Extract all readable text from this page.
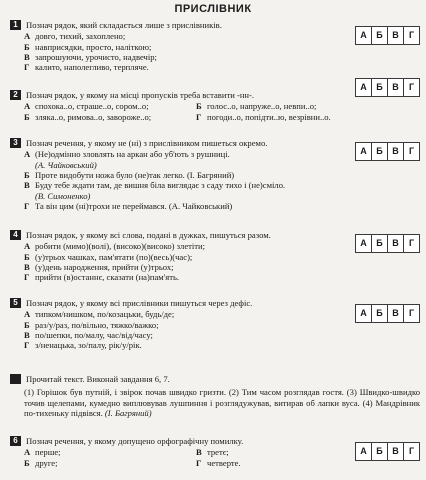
ПРИСЛІВНИК
1 Познач рядок, який складається лише з прислівників.
А довго, тихий, захоплено;
Б навприсядки, просто, наліткою;
В запрошуючи, урочисто, надвечір;
Г калито, наполегливо, терпляче.
А	Б	В	Г
2 Познач рядок, у якому на місці пропусків треба вставити -нн-.
А спохока..о, страше..о, сором..о;
Б зляка..о, римова..о, завороже..о;
Б голос..о, напруже..о, невпи..о;
Г погоди..о, попідти..ю, везрівни..о.
А	Б	В	Г
3 Познач речення, у якому не (ні) з прислівником пишеться окремо.
А (Не)одмінно зловлять на аркан або уб'ють з рушниці.
(А. Чайковський)
Б Проте видобути ножа було (не)так легко. (І. Багряний)
В Буду тебе ждати там, де вишня біла виглядає з саду тихо і (не)сміло.
(В. Симоненко)
Г Та він цим (ні)трохи не переймався. (А. Чайковський)
А	Б	В	Г
4 Познач рядок, у якому всі слова, подані в дужках, пишуться разом.
А робити (мимо)(волі), (високо)(високо) злетіти;
Б (у)трьох чашках, пам'ятати (по)(весь)(час);
В (у)день народження, прийти (у)трьох;
Г прийти (в)останнє, сказати (на)пам'ять.
А	Б	В	Г
5 Познач рядок, у якому всі прислівники пишуться через дефіс.
А типком/нишком, по/козацьки, будь/де;
Б раз/у/раз, по/вільно, тяжко/важко;
В по/шепки, по/малу, час/від/часу;
Г з/ненацька, зо/палу, рік/у/рік.
А	Б	В	Г
Прочитай текст. Виконай завдання 6, 7.
(1) Горішок був путній, і звірок почав швидко гризти. (2) Тим часом розглядав гостя. (3) Швидко-швидко точив щелепами, кумедно виплювував лушпиння і розглядужував, витирав об лапки вуса. (4) Мандрівник по-тихеньку підвівся. (І. Багряний)
6 Познач речення, у якому допущено орфографічну помилку.
А перше;
Б друге;
В третє;
Г четверте.
А	Б	В	Г
